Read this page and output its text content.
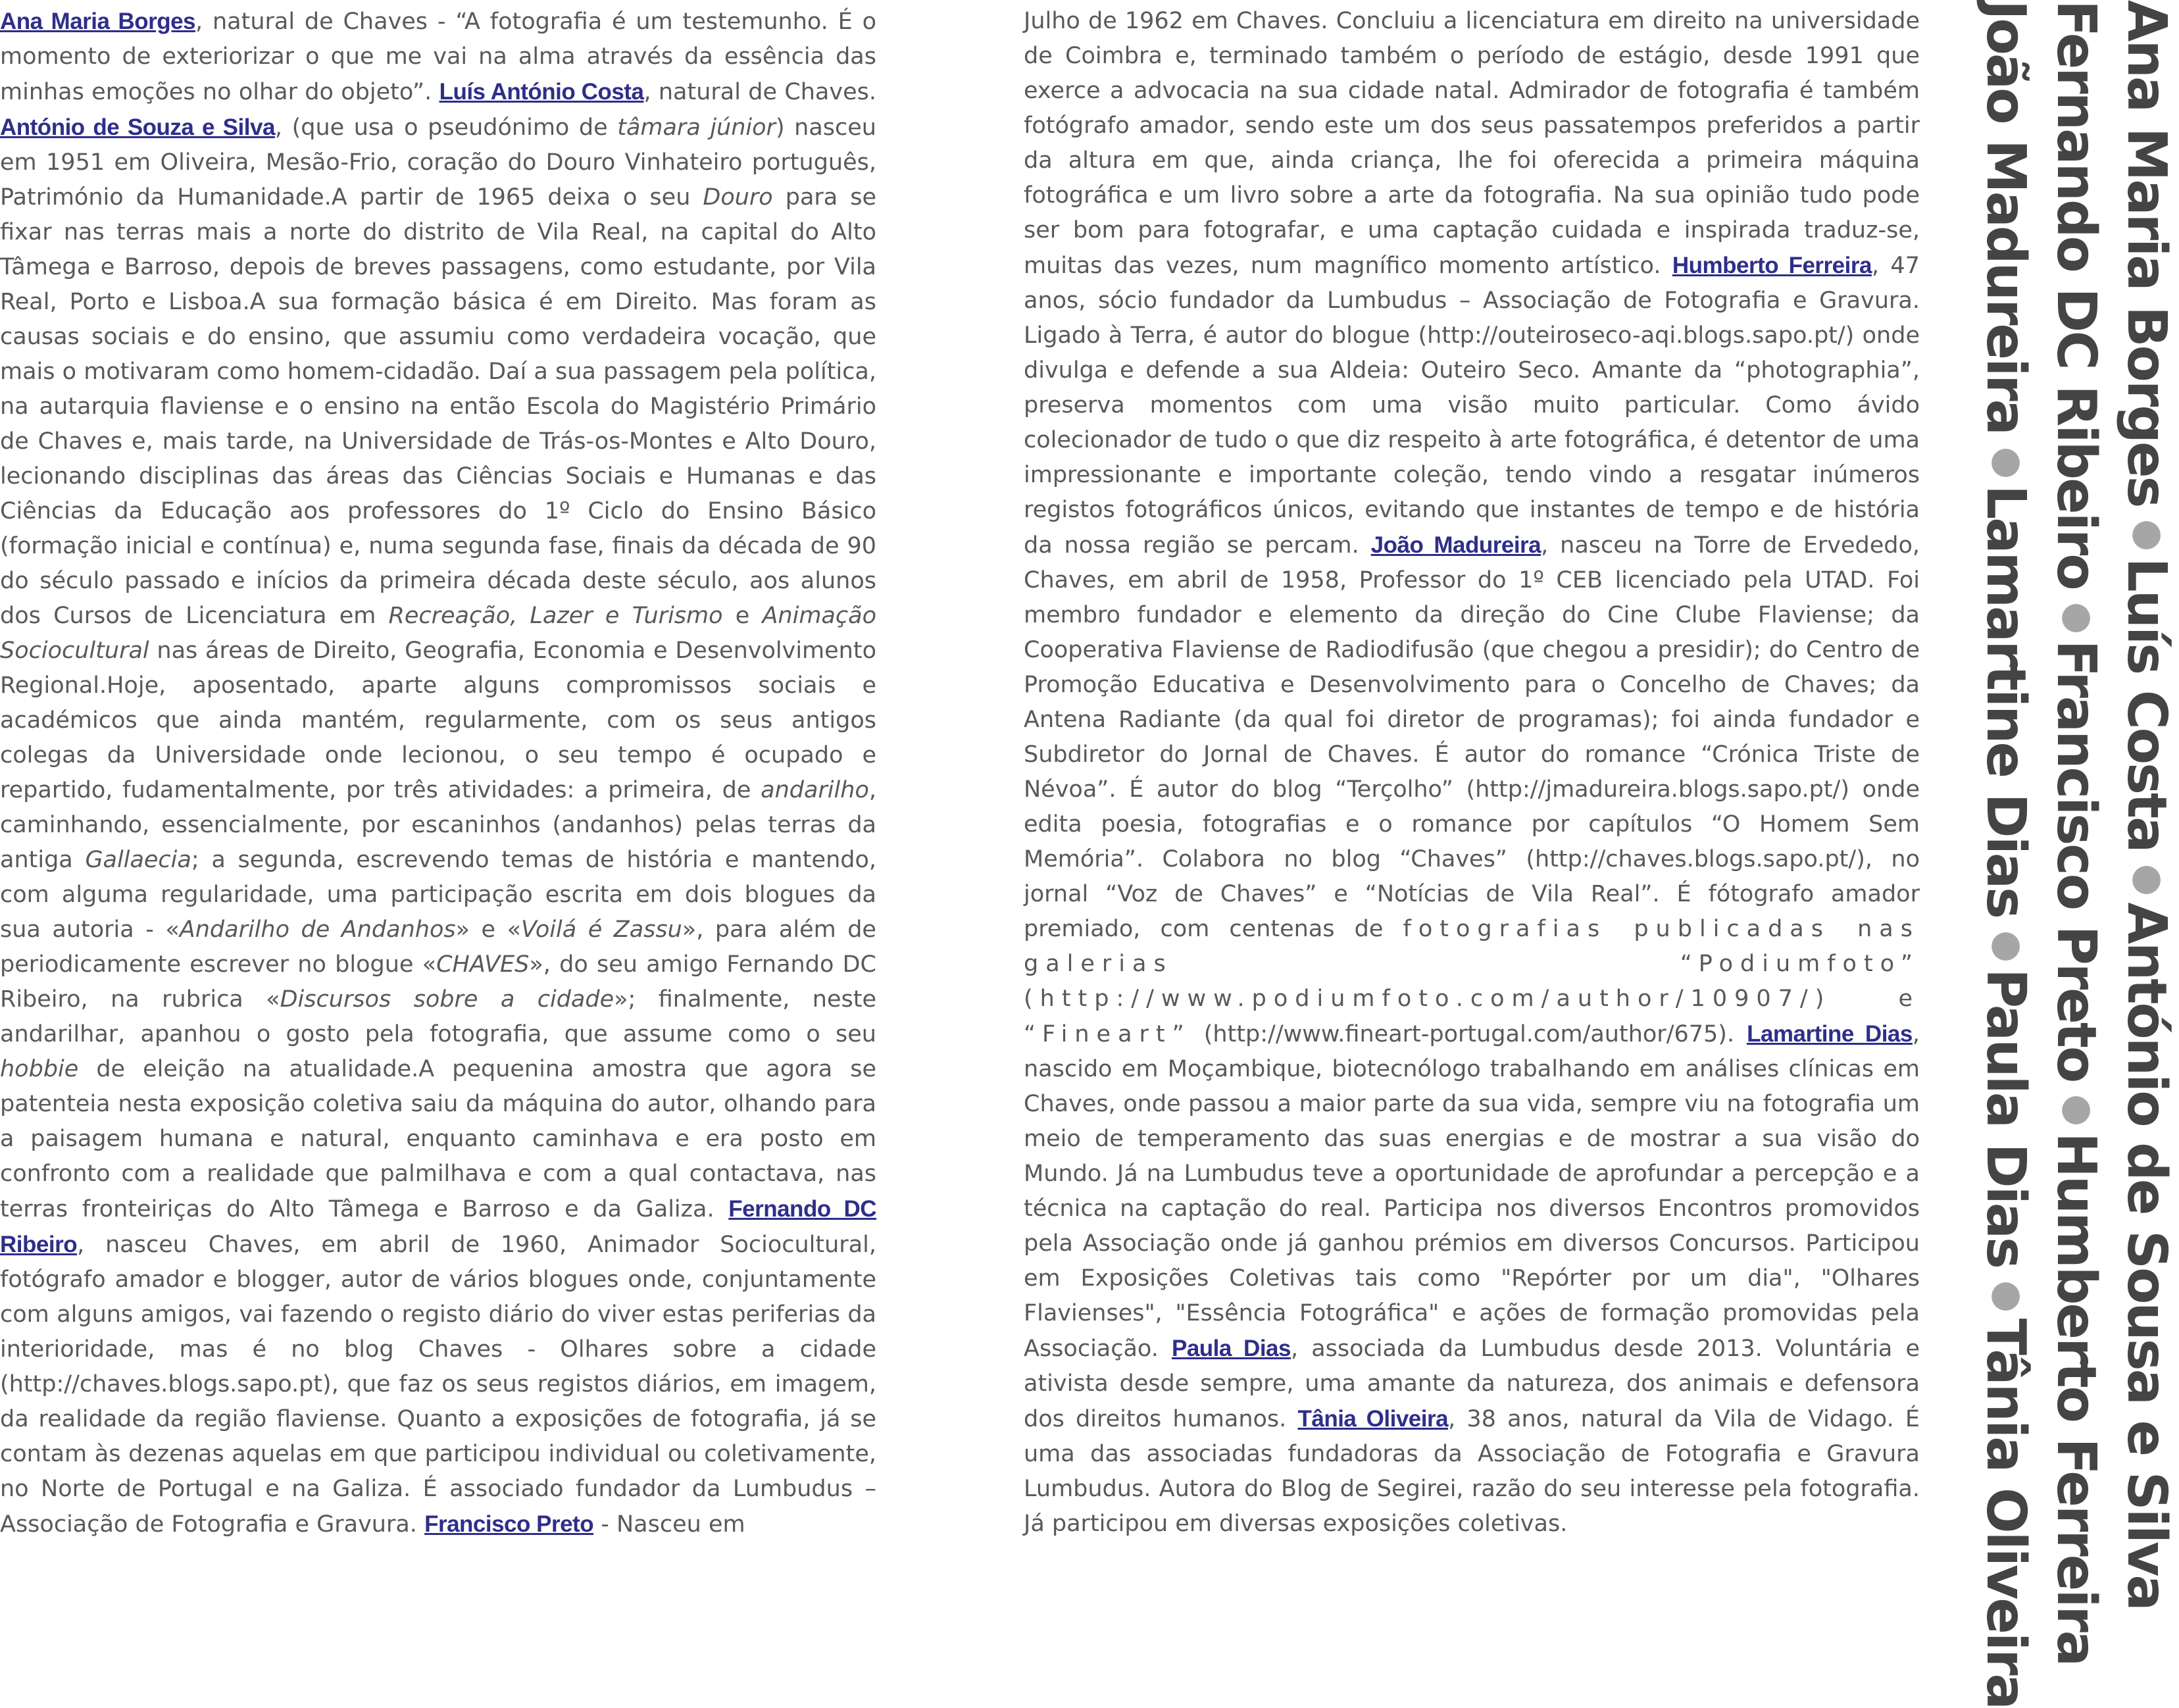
Ana Maria Borges, natural de Chaves - “A fotografia é um testemunho. É o momento de exteriorizar o que me vai na alma através da essência das minhas emoções no olhar do objeto”. Luís António Costa, natural de Chaves. António de Souza e Silva, (que usa o pseudónimo de tâmara júnior) nasceu em 1951 em Oliveira, Mesão-Frio, coração do Douro Vinhateiro português, Património da Humanidade.A partir de 1965 deixa o seu Douro para se fixar nas terras mais a norte do distrito de Vila Real, na capital do Alto Tâmega e Barroso, depois de breves passagens, como estudante, por Vila Real, Porto e Lisboa.A sua formação básica é em Direito. Mas foram as causas sociais e do ensino, que assumiu como verdadeira vocação, que mais o motivaram como homem-cidadão. Daí a sua passagem pela política, na autarquia flaviense e o ensino na então Escola do Magistério Primário de Chaves e, mais tarde, na Universidade de Trás-os-Montes e Alto Douro, lecionando disciplinas das áreas das Ciências Sociais e Humanas e das Ciências da Educação aos professores do 1º Ciclo do Ensino Básico (formação inicial e contínua) e, numa segunda fase, finais da década de 90 do século passado e inícios da primeira década deste século, aos alunos dos Cursos de Licenciatura em Recreação, Lazer e Turismo e Animação Sociocultural nas áreas de Direito, Geografia, Economia e Desenvolvimento Regional.Hoje, aposentado, aparte alguns compromissos sociais e académicos que ainda mantém, regularmente, com os seus antigos colegas da Universidade onde lecionou, o seu tempo é ocupado e repartido, fudamentalmente, por três atividades: a primeira, de andarilho, caminhando, essencialmente, por escaninhos (andanhos) pelas terras da antiga Gallaecia; a segunda, escrevendo temas de história e mantendo, com alguma regularidade, uma participação escrita em dois blogues da sua autoria - «Andarilho de Andanhos» e «Voilá é Zassu», para além de periodicamente escrever no blogue «CHAVES», do seu amigo Fernando DC Ribeiro, na rubrica «Discursos sobre a cidade»; finalmente, neste andarilhar, apanhou o gosto pela fotografia, que assume como o seu hobbie de eleição na atualidade.A pequenina amostra que agora se patenteia nesta exposição coletiva saiu da máquina do autor, olhando para a paisagem humana e natural, enquanto caminhava e era posto em confronto com a realidade que palmilhava e com a qual contactava, nas terras fronteiriças do Alto Tâmega e Barroso e da Galiza. Fernando DC Ribeiro, nasceu Chaves, em abril de 1960, Animador Sociocultural, fotógrafo amador e blogger, autor de vários blogues onde, conjuntamente com alguns amigos, vai fazendo o registo diário do viver estas periferias da interioridade, mas é no blog Chaves - Olhares sobre a cidade (http://chaves.blogs.sapo.pt), que faz os seus registos diários, em imagem, da realidade da região flaviense. Quanto a exposições de fotografia, já se contam às dezenas aquelas em que participou individual ou coletivamente, no Norte de Portugal e na Galiza. É associado fundador da Lumbudus – Associação de Fotografia e Gravura. Francisco Preto - Nasceu em

Julho de 1962 em Chaves. Concluiu a licenciatura em direito na universidade de Coimbra e, terminado também o período de estágio, desde 1991 que exerce a advocacia na sua cidade natal. Admirador de fotografia é também fotógrafo amador, sendo este um dos seus passatempos preferidos a partir da altura em que, ainda criança, lhe foi oferecida a primeira máquina fotográfica e um livro sobre a arte da fotografia. Na sua opinião tudo pode ser bom para fotografar, e uma captação cuidada e inspirada traduz-se, muitas das vezes, num magnífico momento artístico. Humberto Ferreira, 47 anos, sócio fundador da Lumbudus – Associação de Fotografia e Gravura. Ligado à Terra, é autor do blogue (http://outeiroseco-aqi.blogs.sapo.pt/) onde divulga e defende a sua Aldeia: Outeiro Seco. Amante da “photographia”, preserva momentos com uma visão muito particular. Como ávido colecionador de tudo o que diz respeito à arte fotográfica, é detentor de uma impressionante e importante coleção, tendo vindo a resgatar inúmeros registos fotográficos únicos, evitando que instantes de tempo e de história da nossa região se percam. João Madureira, nasceu na Torre de Ervededo, Chaves, em abril de 1958, Professor do 1º CEB licenciado pela UTAD. Foi membro fundador e elemento da direção do Cine Clube Flaviense; da Cooperativa Flaviense de Radiodifusão (que chegou a presidir); do Centro de Promoção Educativa e Desenvolvimento para o Concelho de Chaves; da Antena Radiante (da qual foi diretor de programas); foi ainda fundador e Subdiretor do Jornal de Chaves. É autor do romance “Crónica Triste de Névoa”. É autor do blog “Terçolho” (http://jmadureira.blogs.sapo.pt/) onde edita poesia, fotografias e o romance por capítulos “O Homem Sem Memória”. Colabora no blog “Chaves” (http://chaves.blogs.sapo.pt/), no jornal “Voz de Chaves” e “Notícias de Vila Real”. É fótografo amador premiado, com centenas de fotografias publicadas nas galerias “Podiumfoto” (http://www.podiumfoto.com/author/10907/) e “Fineart” (http://www.fineart-portugal.com/author/675). Lamartine Dias, nascido em Moçambique, biotecnólogo trabalhando em análises clínicas em Chaves, onde passou a maior parte da sua vida, sempre viu na fotografia um meio de temperamento das suas energias e de mostrar a sua visão do Mundo. Já na Lumbudus teve a oportunidade de aprofundar a percepção e a técnica na captação do real. Participa nos diversos Encontros promovidos pela Associação onde já ganhou prémios em diversos Concursos. Participou em Exposições Coletivas tais como "Repórter por um dia", "Olhares Flavienses", "Essência Fotográfica" e ações de formação promovidas pela Associação. Paula Dias, associada da Lumbudus desde 2013. Voluntária e ativista desde sempre, uma amante da natureza, dos animais e defensora dos direitos humanos. Tânia Oliveira, 38 anos, natural da Vila de Vidago. É uma das associadas fundadoras da Associação de Fotografia e Gravura Lumbudus. Autora do Blog de Segirei, razão do seu interesse pela fotografia. Já participou em diversas exposições coletivas.

Ana Maria Borges●Luís Costa●António de Sousa e Silva
Fernando DC Ribeiro●Francisco Preto●Humberto Ferreira
João Madureira●Lamartine Dias●Paula Dias●Tânia Oliveira
